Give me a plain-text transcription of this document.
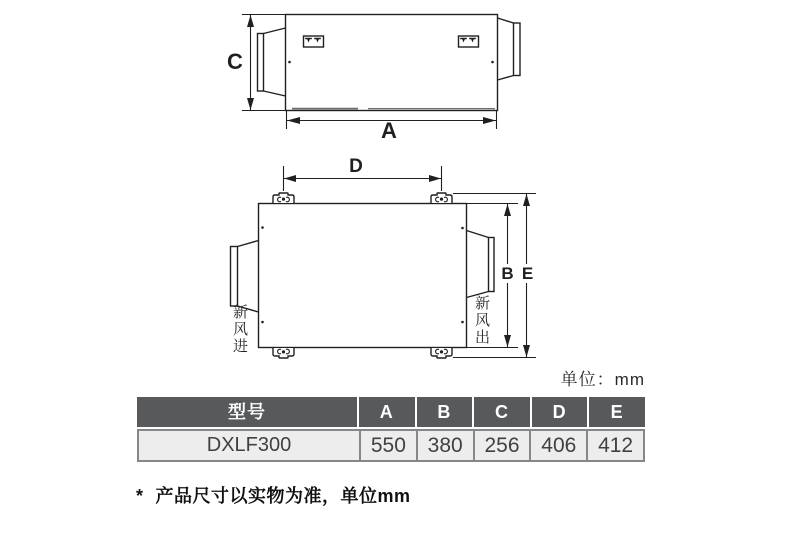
C
A
D
B E
新风进	新风出
单位：mm
型号	A	B	C	D	E
DXLF300	550	380	256	406	412
* 产品尺寸以实物为准，单位mm
